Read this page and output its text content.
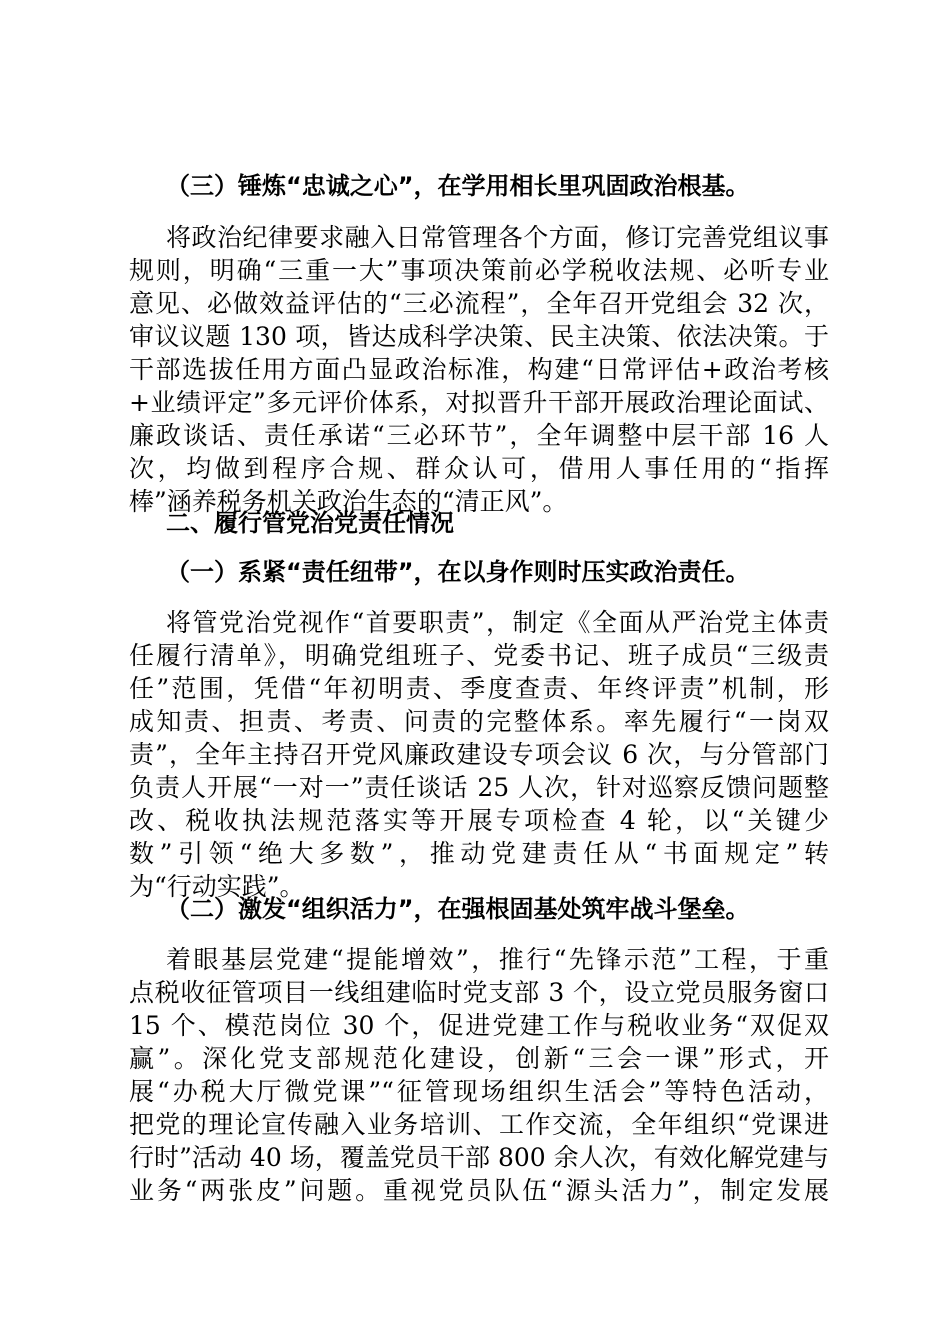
（三）锤炼“忠诚之心”，在学用相长里巩固政治根基。
将政治纪律要求融入日常管理各个方面，修订完善党组议事
规则，明确“三重一大”事项决策前必学税收法规、必听专业
意见、必做效益评估的“三必流程”，全年召开党组会 32 次，
审议议题 130 项，皆达成科学决策、民主决策、依法决策。于
干部选拔任用方面凸显政治标准，构建“日常评估+政治考核
+业绩评定”多元评价体系，对拟晋升干部开展政治理论面试、
廉政谈话、责任承诺“三必环节”，全年调整中层干部 16 人
次，均做到程序合规、群众认可，借用人事任用的“指挥
棒”涵养税务机关政治生态的“清正风”。
二、履行管党治党责任情况
（一）系紧“责任纽带”，在以身作则时压实政治责任。
将管党治党视作“首要职责”，制定《全面从严治党主体责
任履行清单》，明确党组班子、党委书记、班子成员“三级责
任”范围，凭借“年初明责、季度查责、年终评责”机制，形
成知责、担责、考责、问责的完整体系。率先履行“一岗双
责”，全年主持召开党风廉政建设专项会议 6 次，与分管部门
负责人开展“一对一”责任谈话 25 人次，针对巡察反馈问题整
改、税收执法规范落实等开展专项检查 4 轮，以“关键少
数”引领“绝大多数”，推动党建责任从“书面规定”转
为“行动实践”。
（二）激发“组织活力”，在强根固基处筑牢战斗堡垒。
着眼基层党建“提能增效”，推行“先锋示范”工程，于重
点税收征管项目一线组建临时党支部 3 个，设立党员服务窗口
15 个、模范岗位 30 个，促进党建工作与税收业务“双促双
赢”。深化党支部规范化建设，创新“三会一课”形式，开
展“办税大厅微党课”“征管现场组织生活会”等特色活动，
把党的理论宣传融入业务培训、工作交流，全年组织“党课进
行时”活动 40 场，覆盖党员干部 800 余人次，有效化解党建与
业务“两张皮”问题。重视党员队伍“源头活力”，制定发展
